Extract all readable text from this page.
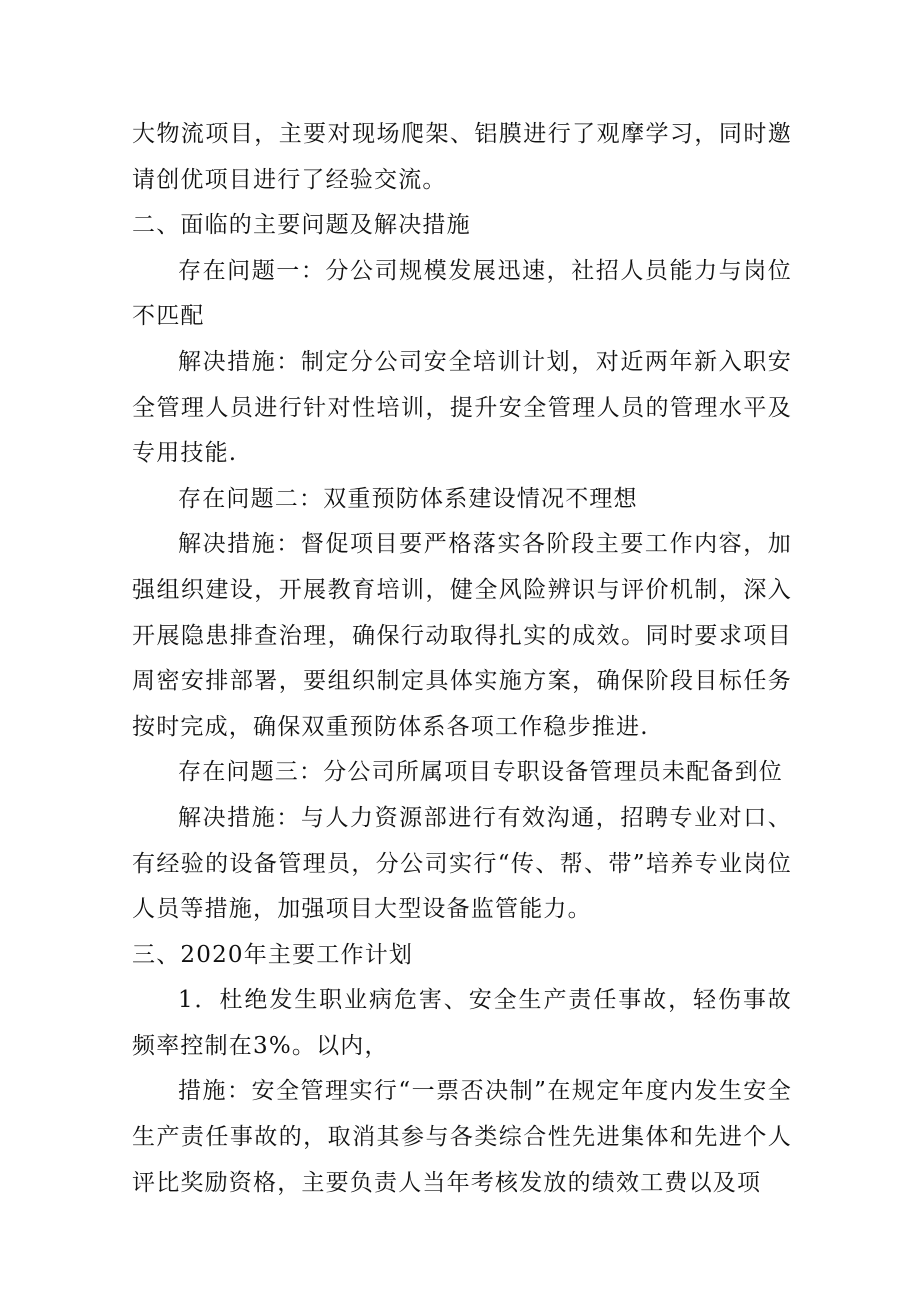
大物流项目，主要对现场爬架、铝膜进行了观摩学习，同时邀请创优项目进行了经验交流。

二、面临的主要问题及解决措施

存在问题一：分公司规模发展迅速，社招人员能力与岗位不匹配

解决措施：制定分公司安全培训计划，对近两年新入职安全管理人员进行针对性培训，提升安全管理人员的管理水平及专用技能.

存在问题二：双重预防体系建设情况不理想

解决措施：督促项目要严格落实各阶段主要工作内容，加强组织建设，开展教育培训，健全风险辨识与评价机制，深入开展隐患排查治理，确保行动取得扎实的成效。同时要求项目周密安排部署，要组织制定具体实施方案，确保阶段目标任务按时完成，确保双重预防体系各项工作稳步推进.

存在问题三：分公司所属项目专职设备管理员未配备到位

解决措施：与人力资源部进行有效沟通，招聘专业对口、有经验的设备管理员，分公司实行“传、帮、带”培养专业岗位人员等措施，加强项目大型设备监管能力。

三、2020年主要工作计划

1．杜绝发生职业病危害、安全生产责任事故，轻伤事故频率控制在3%。以内，

措施：安全管理实行“一票否决制”在规定年度内发生安全生产责任事故的，取消其参与各类综合性先进集体和先进个人评比奖励资格，主要负责人当年考核发放的绩效工费以及项
